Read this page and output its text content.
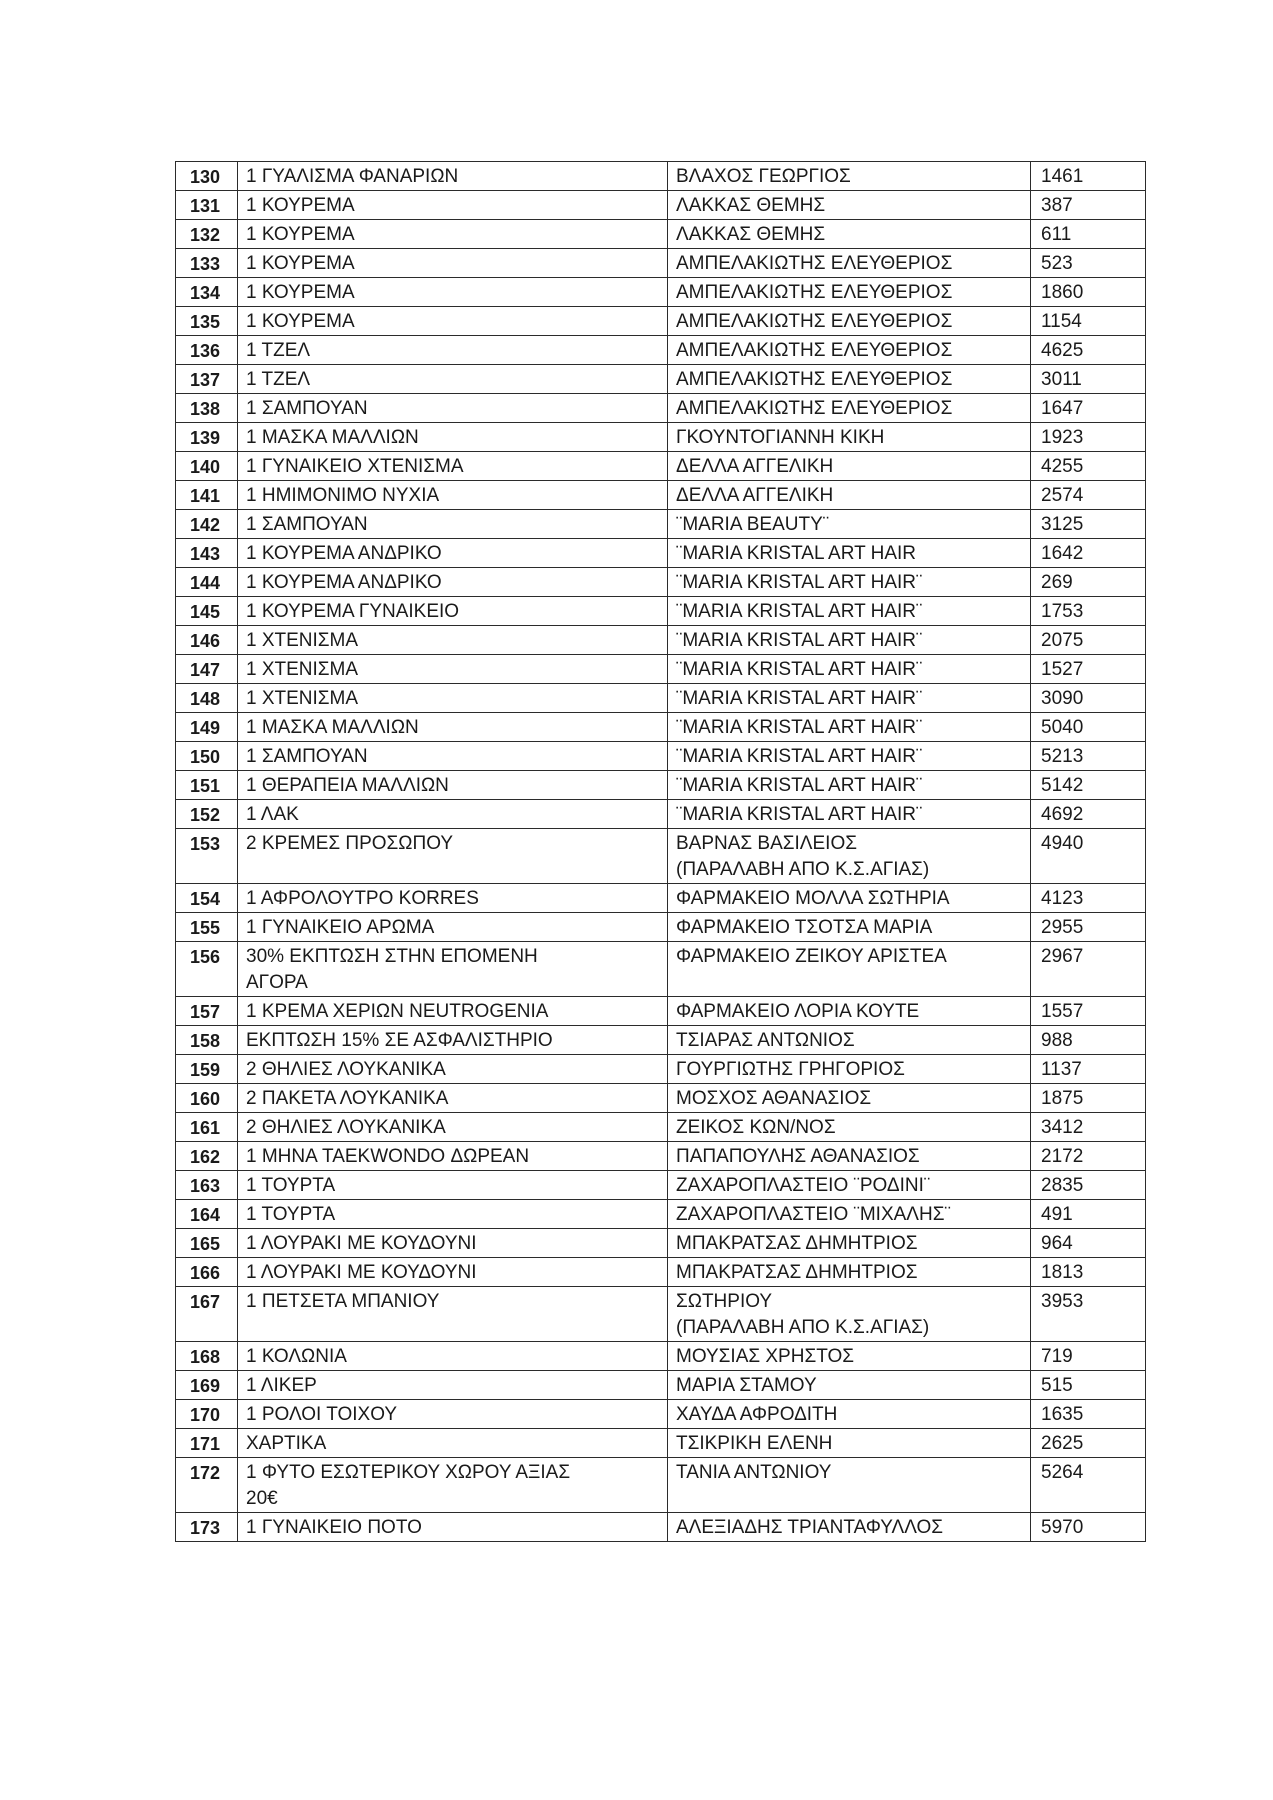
130	1 ΓΥΑΛΙΣΜΑ ΦΑΝΑΡΙΩΝ	ΒΛΑΧΟΣ ΓΕΩΡΓΙΟΣ	1461
131	1 ΚΟΥΡΕΜΑ	ΛΑΚΚΑΣ ΘΕΜΗΣ	387
132	1 ΚΟΥΡΕΜΑ	ΛΑΚΚΑΣ ΘΕΜΗΣ	611
133	1 ΚΟΥΡΕΜΑ	ΑΜΠΕΛΑΚΙΩΤΗΣ ΕΛΕΥΘΕΡΙΟΣ	523
134	1 ΚΟΥΡΕΜΑ	ΑΜΠΕΛΑΚΙΩΤΗΣ ΕΛΕΥΘΕΡΙΟΣ	1860
135	1 ΚΟΥΡΕΜΑ	ΑΜΠΕΛΑΚΙΩΤΗΣ ΕΛΕΥΘΕΡΙΟΣ	1154
136	1 ΤΖΕΛ	ΑΜΠΕΛΑΚΙΩΤΗΣ ΕΛΕΥΘΕΡΙΟΣ	4625
137	1 ΤΖΕΛ	ΑΜΠΕΛΑΚΙΩΤΗΣ ΕΛΕΥΘΕΡΙΟΣ	3011
138	1 ΣΑΜΠΟΥΑΝ	ΑΜΠΕΛΑΚΙΩΤΗΣ ΕΛΕΥΘΕΡΙΟΣ	1647
139	1 ΜΑΣΚΑ ΜΑΛΛΙΩΝ	ΓΚΟΥΝΤΟΓΙΑΝΝΗ ΚΙΚΗ	1923
140	1 ΓΥΝΑΙΚΕΙΟ ΧΤΕΝΙΣΜΑ	ΔΕΛΛΑ ΑΓΓΕΛΙΚΗ	4255
141	1 ΗΜΙΜΟΝΙΜΟ ΝΥΧΙΑ	ΔΕΛΛΑ ΑΓΓΕΛΙΚΗ	2574
142	1 ΣΑΜΠΟΥΑΝ	¨MARIA BEAUTY¨	3125
143	1 ΚΟΥΡΕΜΑ ΑΝΔΡΙΚΟ	¨MARIA KRISTAL ART HAIR	1642
144	1 ΚΟΥΡΕΜΑ ΑΝΔΡΙΚΟ	¨MARIA KRISTAL ART HAIR¨	269
145	1 ΚΟΥΡΕΜΑ ΓΥΝΑΙΚΕΙΟ	¨MARIA KRISTAL ART HAIR¨	1753
146	1 ΧΤΕΝΙΣΜΑ	¨MARIA KRISTAL ART HAIR¨	2075
147	1 ΧΤΕΝΙΣΜΑ	¨MARIA KRISTAL ART HAIR¨	1527
148	1 ΧΤΕΝΙΣΜΑ	¨MARIA KRISTAL ART HAIR¨	3090
149	1 ΜΑΣΚΑ ΜΑΛΛΙΩΝ	¨MARIA KRISTAL ART HAIR¨	5040
150	1 ΣΑΜΠΟΥΑΝ	¨MARIA KRISTAL ART HAIR¨	5213
151	1 ΘΕΡΑΠΕΙΑ ΜΑΛΛΙΩΝ	¨MARIA KRISTAL ART HAIR¨	5142
152	1 ΛΑΚ	¨MARIA KRISTAL ART HAIR¨	4692
153	2 ΚΡΕΜΕΣ ΠΡΟΣΩΠΟΥ	ΒΑΡΝΑΣ ΒΑΣΙΛΕΙΟΣ
(ΠΑΡΑΛΑΒΗ ΑΠΟ Κ.Σ.ΑΓΙΑΣ)	4940
154	1 ΑΦΡΟΛΟΥΤΡΟ KORRES	ΦΑΡΜΑΚΕΙΟ ΜΟΛΛΑ ΣΩΤΗΡΙΑ	4123
155	1 ΓΥΝΑΙΚΕΙΟ ΑΡΩΜΑ	ΦΑΡΜΑΚΕΙΟ ΤΣΟΤΣΑ ΜΑΡΙΑ	2955
156	30% ΕΚΠΤΩΣΗ ΣΤΗΝ ΕΠΟΜΕΝΗ
ΑΓΟΡΑ	ΦΑΡΜΑΚΕΙΟ ΖΕΙΚΟΥ ΑΡΙΣΤΕΑ	2967
157	1 ΚΡΕΜΑ ΧΕΡΙΩΝ NEUTROGENIA	ΦΑΡΜΑΚΕΙΟ ΛΟΡΙΑ ΚΟΥΤΕ	1557
158	ΕΚΠΤΩΣΗ 15% ΣΕ ΑΣΦΑΛΙΣΤΗΡΙΟ	ΤΣΙΑΡΑΣ ΑΝΤΩΝΙΟΣ	988
159	2 ΘΗΛΙΕΣ ΛΟΥΚΑΝΙΚΑ	ΓΟΥΡΓΙΩΤΗΣ ΓΡΗΓΟΡΙΟΣ	1137
160	2 ΠΑΚΕΤΑ ΛΟΥΚΑΝΙΚΑ	ΜΟΣΧΟΣ ΑΘΑΝΑΣΙΟΣ	1875
161	2 ΘΗΛΙΕΣ ΛΟΥΚΑΝΙΚΑ	ΖΕΙΚΟΣ ΚΩΝ/ΝΟΣ	3412
162	1 ΜΗΝΑ TAEKWONDO ΔΩΡΕΑΝ	ΠΑΠΑΠΟΥΛΗΣ ΑΘΑΝΑΣΙΟΣ	2172
163	1 ΤΟΥΡΤΑ	ΖΑΧΑΡΟΠΛΑΣΤΕΙΟ ¨ΡΟΔΙΝΙ¨	2835
164	1 ΤΟΥΡΤΑ	ΖΑΧΑΡΟΠΛΑΣΤΕΙΟ ¨ΜΙΧΑΛΗΣ¨	491
165	1 ΛΟΥΡΑΚΙ ΜΕ ΚΟΥΔΟΥΝΙ	ΜΠΑΚΡΑΤΣΑΣ ΔΗΜΗΤΡΙΟΣ	964
166	1 ΛΟΥΡΑΚΙ ΜΕ ΚΟΥΔΟΥΝΙ	ΜΠΑΚΡΑΤΣΑΣ ΔΗΜΗΤΡΙΟΣ	1813
167	1 ΠΕΤΣΕΤΑ ΜΠΑΝΙΟΥ	ΣΩΤΗΡΙΟΥ
(ΠΑΡΑΛΑΒΗ ΑΠΟ Κ.Σ.ΑΓΙΑΣ)	3953
168	1 ΚΟΛΩΝΙΑ	ΜΟΥΣΙΑΣ ΧΡΗΣΤΟΣ	719
169	1 ΛΙΚΕΡ	ΜΑΡΙΑ ΣΤΑΜΟΥ	515
170	1 ΡΟΛΟΙ ΤΟΙΧΟΥ	ΧΑΥΔΑ ΑΦΡΟΔΙΤΗ	1635
171	ΧΑΡΤΙΚΑ	ΤΣΙΚΡΙΚΗ ΕΛΕΝΗ	2625
172	1 ΦΥΤΟ ΕΣΩΤΕΡΙΚΟΥ ΧΩΡΟΥ ΑΞΙΑΣ
20€	ΤΑΝΙΑ ΑΝΤΩΝΙΟΥ	5264
173	1 ΓΥΝΑΙΚΕΙΟ ΠΟΤΟ	ΑΛΕΞΙΑΔΗΣ ΤΡΙΑΝΤΑΦΥΛΛΟΣ	5970
